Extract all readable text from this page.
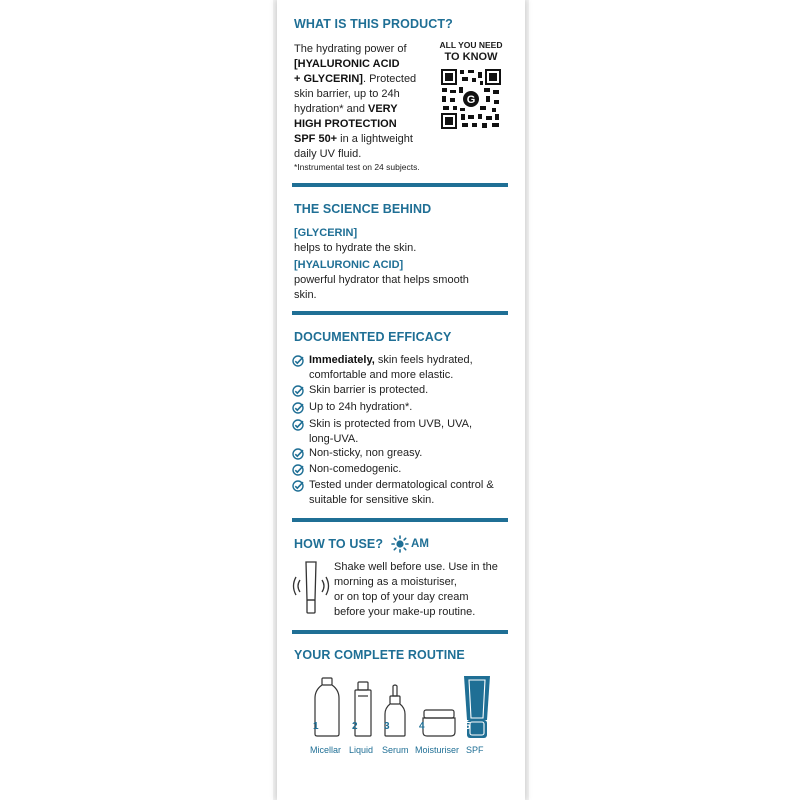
WHAT IS THIS PRODUCT?
The hydrating power of
[HYALURONIC ACID
+ GLYCERIN]. Protected
skin barrier, up to 24h
hydration* and VERY
HIGH PROTECTION
SPF 50+ in a lightweight
daily UV fluid.
*Instrumental test on 24 subjects.
ALL YOU NEED
TO KNOW
G
THE SCIENCE BEHIND
[GLYCERIN]
helps to hydrate the skin.
[HYALURONIC ACID]
powerful hydrator that helps smooth
skin.
DOCUMENTED EFFICACY
Immediately, skin feels hydrated,
comfortable and more elastic.
Skin barrier is protected.
Up to 24h hydration*.
Skin is protected from UVB, UVA,
long-UVA.
Non-sticky, non greasy.
Non-comedogenic.
Tested under dermatological control &
suitable for sensitive skin.
HOW TO USE? AM
Shake well before use. Use in the
morning as a moisturiser,
or on top of your day cream
before your make-up routine.
YOUR COMPLETE ROUTINE
1
Micellar
2
Liquid
3
Serum
4
Moisturiser
5
SPF
